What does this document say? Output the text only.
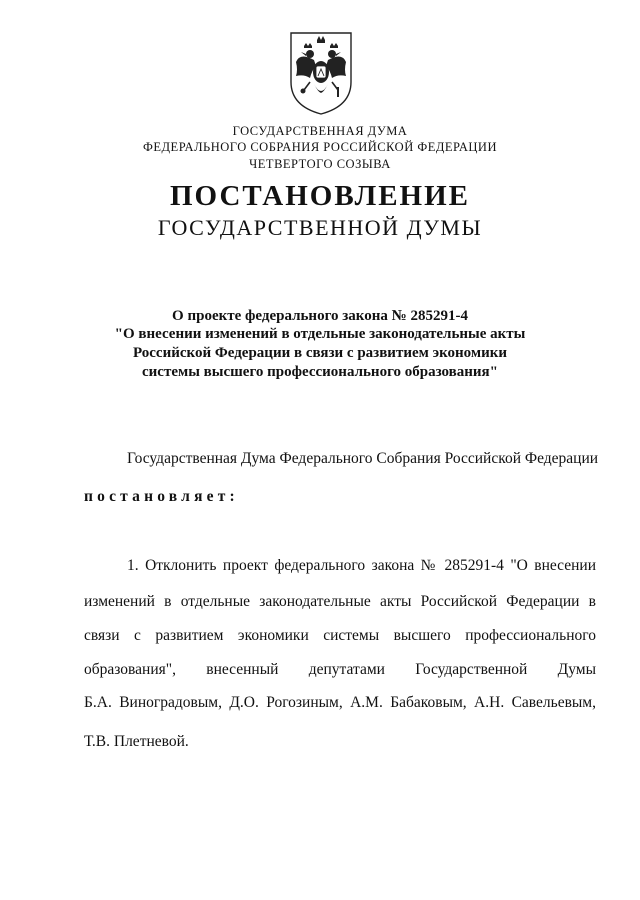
ГОСУДАРСТВЕННАЯ ДУМА
ФЕДЕРАЛЬНОГО СОБРАНИЯ РОССИЙСКОЙ ФЕДЕРАЦИИ
ЧЕТВЕРТОГО СОЗЫВА
ПОСТАНОВЛЕНИЕ
ГОСУДАРСТВЕННОЙ ДУМЫ
О проекте федерального закона № 285291-4
"О внесении изменений в отдельные законодательные акты
Российской Федерации в связи с развитием экономики
системы высшего профессионального образования"
Государственная Дума Федерального Собрания Российской Федерации
постановляет:
1. Отклонить проект федерального закона № 285291-4 "О внесении
изменений в отдельные законодательные акты Российской Федерации в
связи с развитием экономики системы высшего профессионального
образования", внесенный депутатами Государственной Думы
Б.А. Виноградовым, Д.О. Рогозиным, А.М. Бабаковым, А.Н. Савельевым,
Т.В. Плетневой.
